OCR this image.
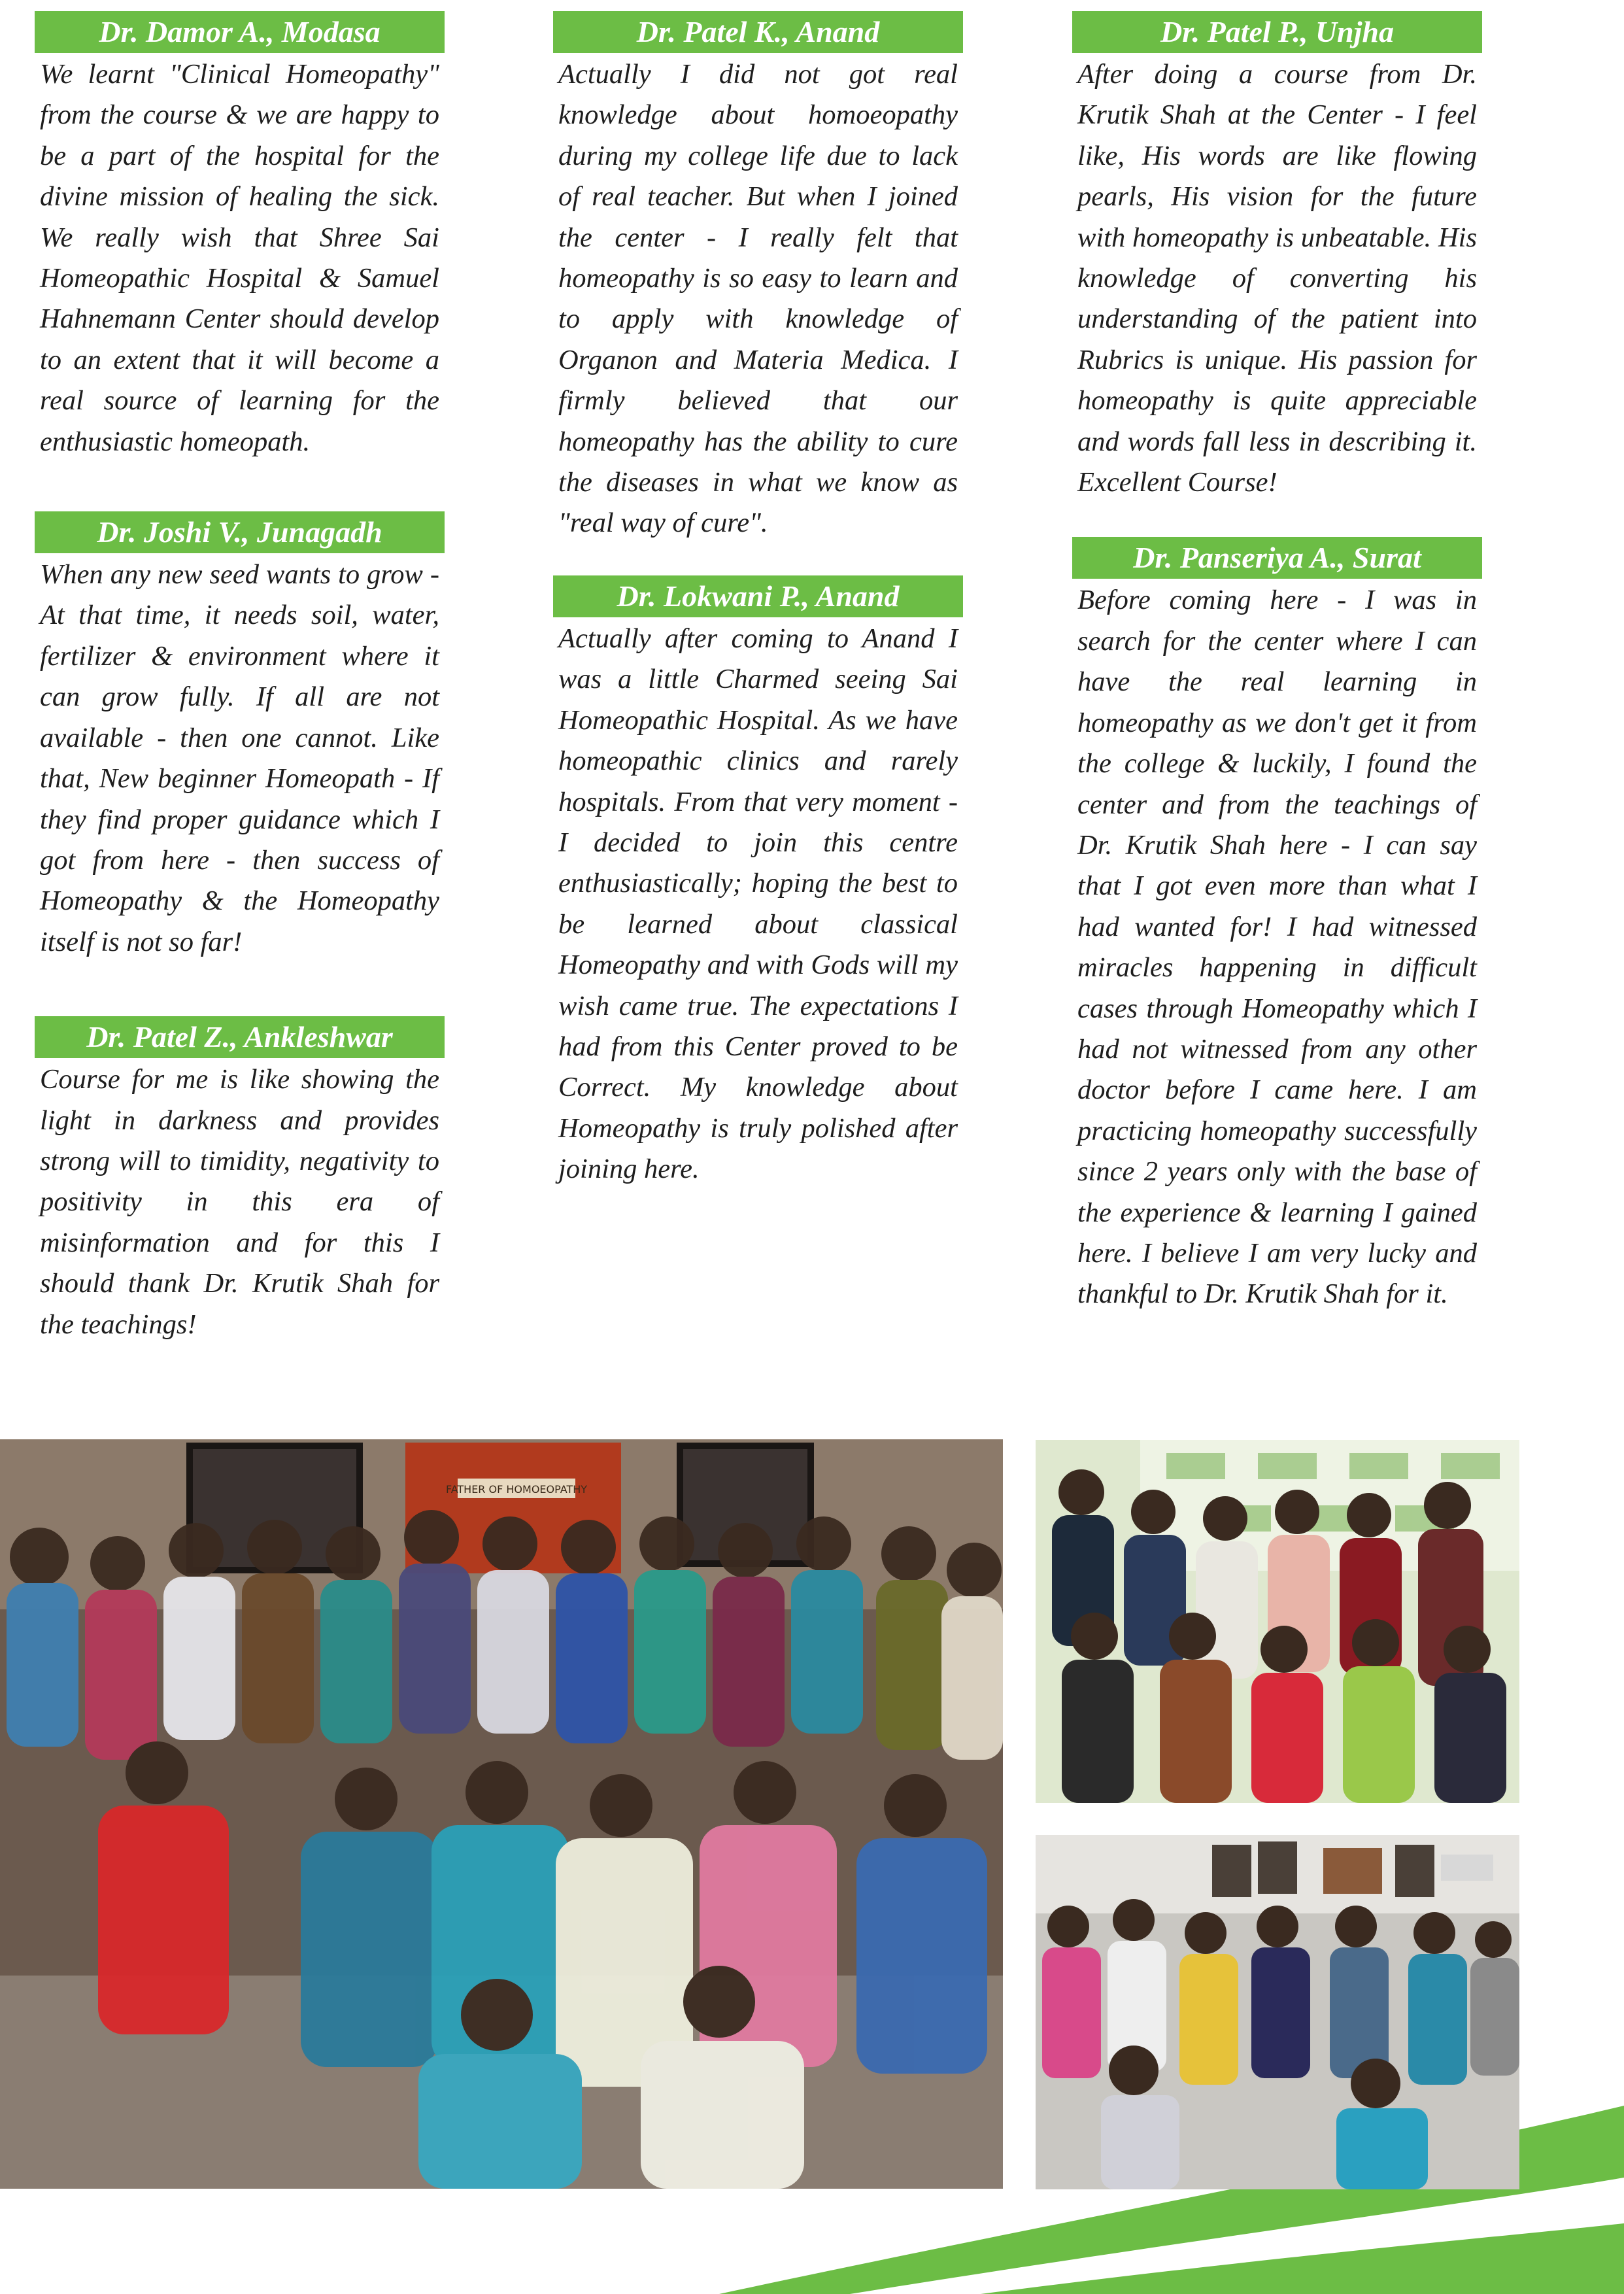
Dr. Damor A., Modasa

We learnt "Clinical Homeopathy" from the course & we are happy to be a part of the hospital for the divine mission of healing the sick. We really wish that Shree Sai Homeopathic Hospital & Samuel Hahnemann Center should develop to an extent that it will become a real source of learning for the enthusiastic homeopath.

Dr. Joshi V., Junagadh

When any new seed wants to grow - At that time, it needs soil, water, fertilizer & environment where it can grow fully. If all are not available - then one cannot. Like that, New beginner Homeopath - If they find proper guidance which I got from here - then success of Homeopathy & the Homeopathy itself is not so far!

Dr. Patel Z., Ankleshwar

Course for me is like showing the light in darkness and provides strong will to timidity, negativity to positivity in this era of misinformation and for this I should thank Dr. Krutik Shah for the teachings!

Dr. Patel K., Anand

Actually I did not got real knowledge about homoeopathy during my college life due to lack of real teacher. But when I joined the center - I really felt that homeopathy is so easy to learn and to apply with knowledge of Organon and Materia Medica. I firmly believed that our homeopathy has the ability to cure the diseases in what we know as "real way of cure".

Dr. Lokwani P., Anand

Actually after coming to Anand I was a little Charmed seeing Sai Homeopathic Hospital. As we have homeopathic clinics and rarely hospitals. From that very moment - I decided to join this centre enthusiastically; hoping the best to be learned about classical Homeopathy and with Gods will my wish came true. The expectations I had from this Center proved to be Correct. My knowledge about Homeopathy is truly polished after joining here.

Dr. Patel P., Unjha

After doing a course from Dr. Krutik Shah at the Center - I feel like, His words are like flowing pearls, His vision for the future with homeopathy is unbeatable. His knowledge of converting his understanding of the patient into Rubrics is unique. His passion for homeopathy is quite appreciable and words fall less in describing it. Excellent Course!

Dr. Panseriya A., Surat

Before coming here - I was in search for the center where I can have the real learning in homeopathy as we don't get it from the college & luckily, I found the center and from the teachings of Dr. Krutik Shah here - I can say that I got even more than what I had wanted for! I had witnessed miracles happening in difficult cases through Homeopathy which I had not witnessed from any other doctor before I came here. I am practicing homeopathy successfully since 2 years only with the base of the experience & learning I gained here. I believe I am very lucky and thankful to Dr. Krutik Shah for it.

FATHER OF HOMOEOPATHY
